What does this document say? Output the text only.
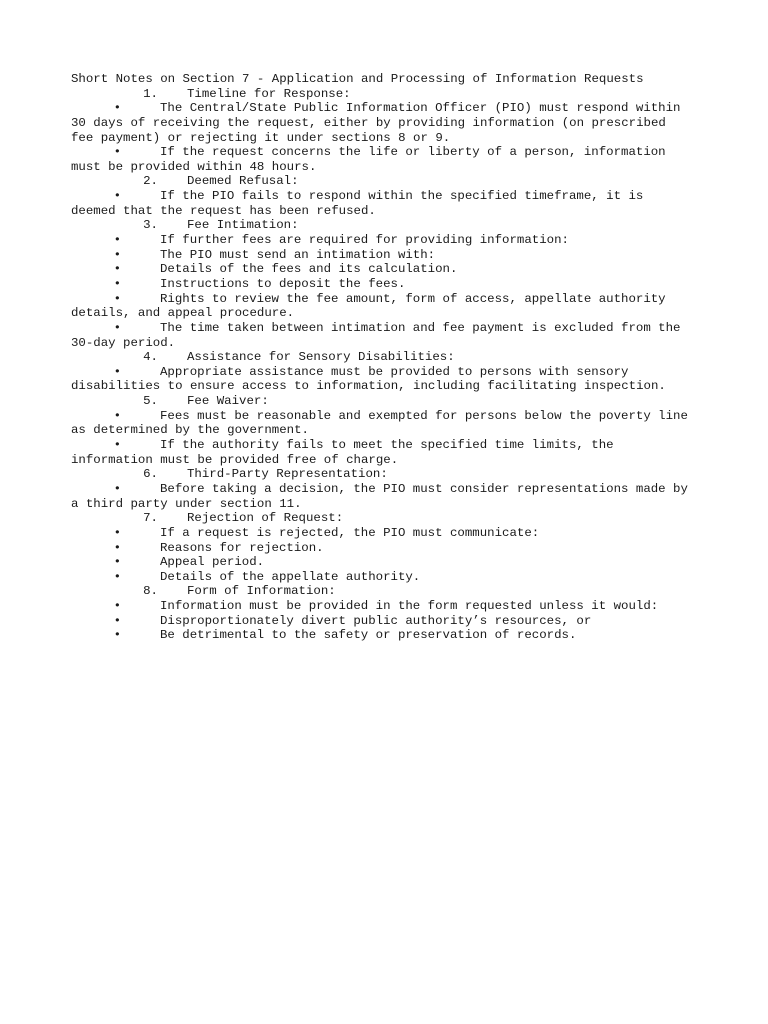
Short Notes on Section 7 - Application and Processing of Information Requests
1. Timeline for Response:
•	The Central/State Public Information Officer (PIO) must respond within
30 days of receiving the request, either by providing information (on prescribed
fee payment) or rejecting it under sections 8 or 9.
•	If the request concerns the life or liberty of a person, information
must be provided within 48 hours.
2. Deemed Refusal:
•	If the PIO fails to respond within the specified timeframe, it is
deemed that the request has been refused.
3. Fee Intimation:
•	If further fees are required for providing information:
•	The PIO must send an intimation with:
•	Details of the fees and its calculation.
•	Instructions to deposit the fees.
•	Rights to review the fee amount, form of access, appellate authority
details, and appeal procedure.
•	The time taken between intimation and fee payment is excluded from the
30-day period.
4. Assistance for Sensory Disabilities:
•	Appropriate assistance must be provided to persons with sensory
disabilities to ensure access to information, including facilitating inspection.
5. Fee Waiver:
•	Fees must be reasonable and exempted for persons below the poverty line
as determined by the government.
•	If the authority fails to meet the specified time limits, the
information must be provided free of charge.
6. Third-Party Representation:
•	Before taking a decision, the PIO must consider representations made by
a third party under section 11.
7. Rejection of Request:
•	If a request is rejected, the PIO must communicate:
•	Reasons for rejection.
•	Appeal period.
•	Details of the appellate authority.
8. Form of Information:
•	Information must be provided in the form requested unless it would:
•	Disproportionately divert public authority’s resources, or
•	Be detrimental to the safety or preservation of records.
